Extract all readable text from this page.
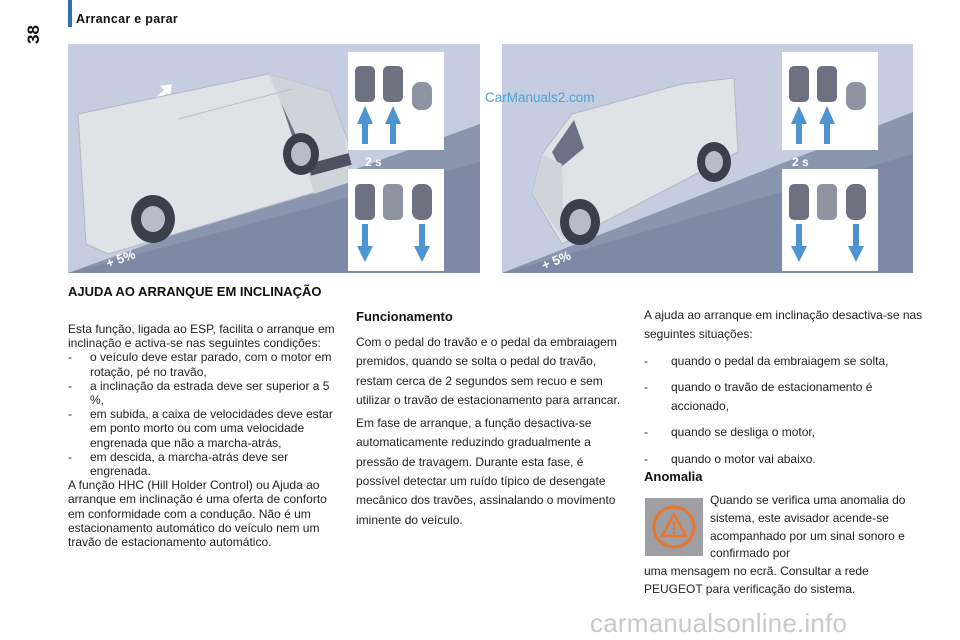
38
Arrancar e parar
+ 5%
2 s
+ 5%
2 s
CarManuals2.com
AJUDA AO ARRANQUE EM INCLINAÇÃO

Esta função, ligada ao ESP, facilita o arranque em inclinação e activa-se nas seguintes condições:

-	o veículo deve estar parado, com o motor em rotação, pé no travão,
-	a inclinação da estrada deve ser superior a 5 %,
-	em subida, a caixa de velocidades deve estar em ponto morto ou com uma velocidade engrenada que não a marcha-atrás,
-	em descida, a marcha-atrás deve ser engrenada.

A função HHC (Hill Holder Control) ou Ajuda ao arranque em inclinação é uma oferta de conforto em conformidade com a condução. Não é um estacionamento automático do veículo nem um travão de estacionamento automático.

Funcionamento

Com o pedal do travão e o pedal da embraiagem premidos, quando se solta o pedal do travão, restam cerca de 2 segundos sem recuo e sem utilizar o travão de estacionamento para arrancar.

Em fase de arranque, a função desactiva-se automaticamente reduzindo gradualmente a pressão de travagem. Durante esta fase, é possível detectar um ruído típico de desengate mecânico dos travões, assinalando o movimento iminente do veículo.

A ajuda ao arranque em inclinação desactiva-se nas seguintes situações:

-	quando o pedal da embraiagem se solta,
-	quando o travão de estacionamento é accionado,
-	quando se desliga o motor,
-	quando o motor vai abaixo.
Anomalia
Quando se verifica uma anomalia do sistema, este avisador acende-se acompanhado por um sinal sonoro e confirmado por
uma mensagem no ecrã. Consultar a rede PEUGEOT para verificação do sistema.
carmanualsonline.info
